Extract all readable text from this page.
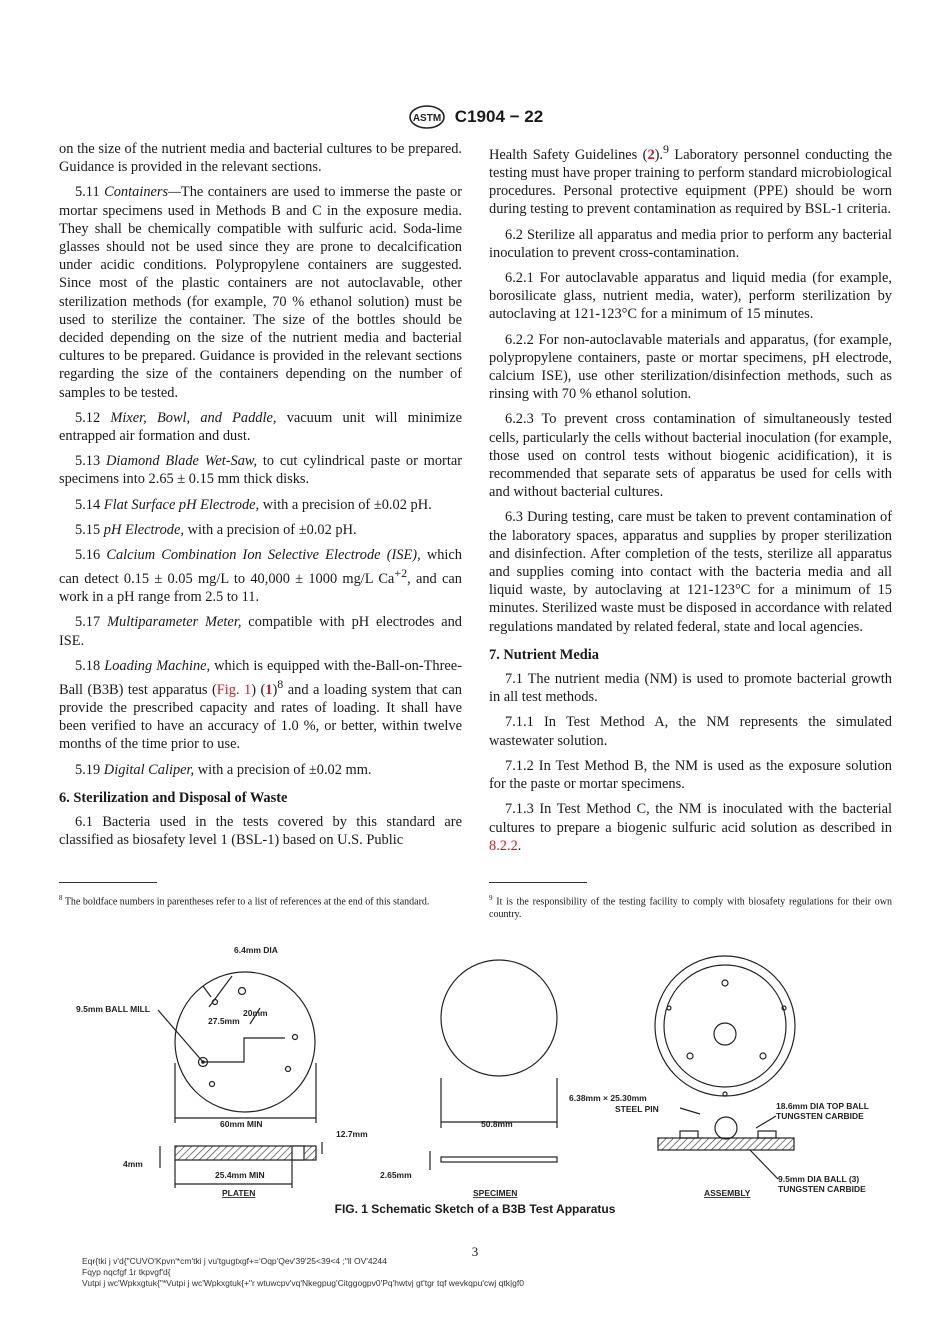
ASTM C1904 − 22

on the size of the nutrient media and bacterial cultures to be prepared. Guidance is provided in the relevant sections.

5.11 Containers—The containers are used to immerse the paste or mortar specimens used in Methods B and C in the exposure media. They shall be chemically compatible with sulfuric acid. Soda-lime glasses should not be used since they are prone to decalcification under acidic conditions. Polypropylene containers are suggested. Since most of the plastic containers are not autoclavable, other sterilization methods (for example, 70 % ethanol solution) must be used to sterilize the container. The size of the bottles should be decided depending on the size of the nutrient media and bacterial cultures to be prepared. Guidance is provided in the relevant sections regarding the size of the containers depending on the number of samples to be tested.

5.12 Mixer, Bowl, and Paddle, vacuum unit will minimize entrapped air formation and dust.

5.13 Diamond Blade Wet-Saw, to cut cylindrical paste or mortar specimens into 2.65 ± 0.15 mm thick disks.

5.14 Flat Surface pH Electrode, with a precision of ±0.02 pH.

5.15 pH Electrode, with a precision of ±0.02 pH.

5.16 Calcium Combination Ion Selective Electrode (ISE), which can detect 0.15 ± 0.05 mg/L to 40,000 ± 1000 mg/L $Ca^{+2}$, and can work in a pH range from 2.5 to 11.

5.17 Multiparameter Meter, compatible with pH electrodes and ISE.

5.18 Loading Machine, which is equipped with the-Ball-on-Three-Ball (B3B) test apparatus (Fig. 1) $(1)^8$ and a loading system that can provide the prescribed capacity and rates of loading. It shall have been verified to have an accuracy of 1.0 %, or better, within twelve months of the time prior to use.

5.19 Digital Caliper, with a precision of ±0.02 mm.

6. Sterilization and Disposal of Waste

6.1 Bacteria used in the tests covered by this standard are classified as biosafety level 1 (BSL-1) based on U.S. Public

Health Safety Guidelines (2).$^9$ Laboratory personnel conducting the testing must have proper training to perform standard microbiological procedures. Personal protective equipment (PPE) should be worn during testing to prevent contamination as required by BSL-1 criteria.

6.2 Sterilize all apparatus and media prior to perform any bacterial inoculation to prevent cross-contamination.

6.2.1 For autoclavable apparatus and liquid media (for example, borosilicate glass, nutrient media, water), perform sterilization by autoclaving at 121-123°C for a minimum of 15 minutes.

6.2.2 For non-autoclavable materials and apparatus, (for example, polypropylene containers, paste or mortar specimens, pH electrode, calcium ISE), use other sterilization/disinfection methods, such as rinsing with 70 % ethanol solution.

6.2.3 To prevent cross contamination of simultaneously tested cells, particularly the cells without bacterial inoculation (for example, those used on control tests without biogenic acidification), it is recommended that separate sets of apparatus be used for cells with and without bacterial cultures.

6.3 During testing, care must be taken to prevent contamination of the laboratory spaces, apparatus and supplies by proper sterilization and disinfection. After completion of the tests, sterilize all apparatus and supplies coming into contact with the bacteria media and all liquid waste, by autoclaving at 121-123°C for a minimum of 15 minutes. Sterilized waste must be disposed in accordance with related regulations mandated by related federal, state and local agencies.

7. Nutrient Media

7.1 The nutrient media (NM) is used to promote bacterial growth in all test methods.

7.1.1 In Test Method A, the NM represents the simulated wastewater solution.

7.1.2 In Test Method B, the NM is used as the exposure solution for the paste or mortar specimens.

7.1.3 In Test Method C, the NM is inoculated with the bacterial cultures to prepare a biogenic sulfuric acid solution as described in 8.2.2.

$^8$ The boldface numbers in parentheses refer to a list of references at the end of this standard.	$^9$ It is the responsibility of the testing facility to comply with biosafety regulations for their own country.
6.4mm DIA
9.5mm BALL MILL
27.5mm
20mm
60mm MIN
12.7mm
4mm
25.4mm MIN
PLATEN
50.8mm
2.65mm
SPECIMEN
6.38mm × 25.30mm
STEEL PIN	18.6mm DIA TOP BALL
TUNGSTEN CARBIDE
9.5mm DIA BALL (3)
TUNGSTEN CARBIDE
ASSEMBLY
FIG. 1 Schematic Sketch of a B3B Test Apparatus
3
Eqr{tki j v'd{"CUVO'Kpvn'*cm'tki j vu'tgugtxgf+='Oqp'Qev'39'25<39<4 ;"ll OV'4244
Fqyp nqcfgf 1r tkpvgf'd{
Vutpi j wc'Wpkxgtuk{"*Vutpi j wc'Wpkxgtuk{+"r wtuwcpv'vq'Nkegpug'Citggogpv0'Pq'hwtvj gt'tgr tqf wevkqpu'cwj qtk|gf0
